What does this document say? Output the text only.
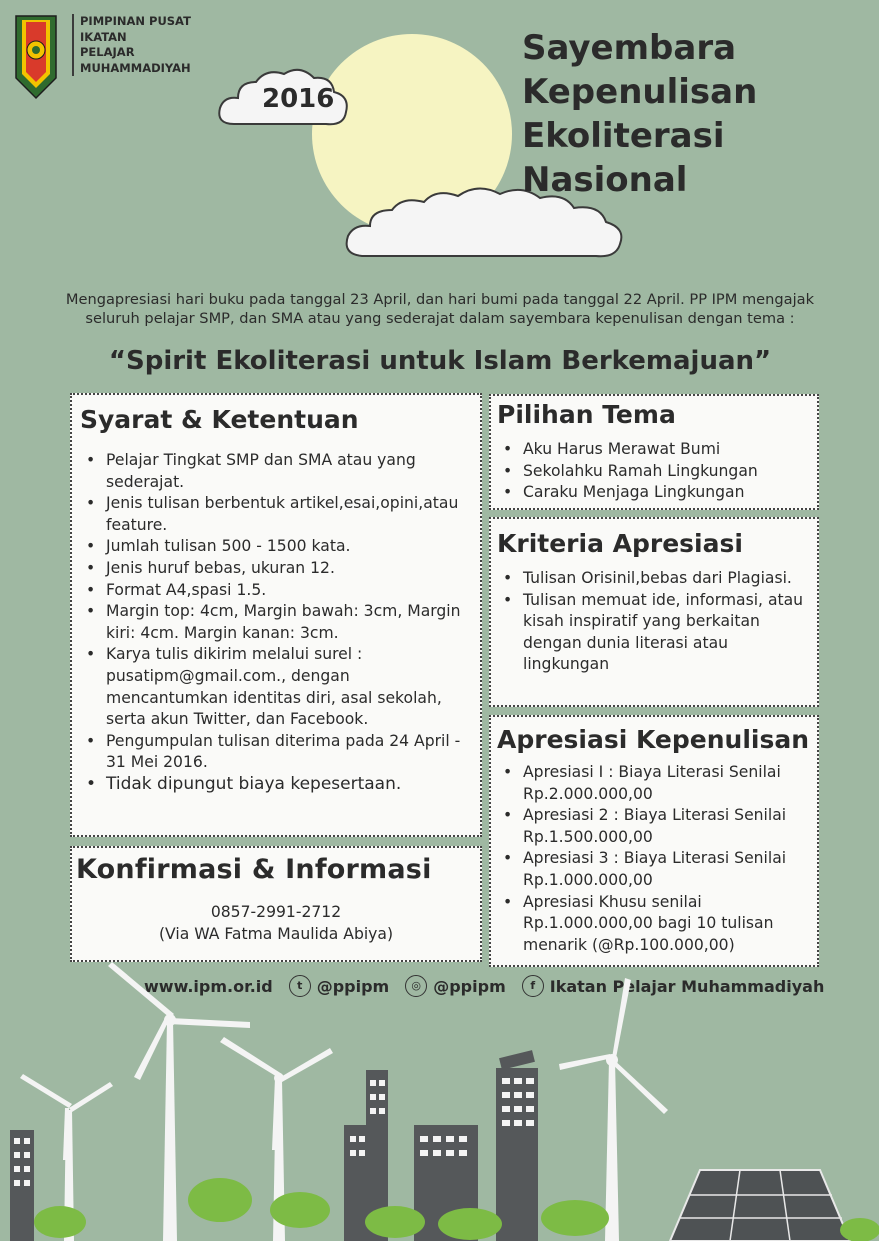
PIMPINAN PUSAT
IKATAN
PELAJAR
MUHAMMADIYAH
2016
Sayembara
Kepenulisan
Ekoliterasi
Nasional
Mengapresiasi hari buku pada tanggal 23 April, dan hari bumi pada tanggal 22 April. PP IPM mengajak seluruh pelajar SMP, dan SMA atau yang sederajat dalam sayembara kepenulisan dengan tema :
“Spirit Ekoliterasi untuk Islam Berkemajuan”
Syarat & Ketentuan
• Pelajar Tingkat SMP dan SMA atau yang sederajat.
• Jenis tulisan berbentuk artikel,esai,opini,atau feature.
• Jumlah tulisan 500 - 1500 kata.
• Jenis huruf bebas, ukuran 12.
• Format A4,spasi 1.5.
• Margin top: 4cm, Margin bawah: 3cm, Margin kiri: 4cm. Margin kanan: 3cm.
• Karya tulis dikirim melalui surel : pusatipm@gmail.com., dengan mencantumkan identitas diri, asal sekolah, serta akun Twitter, dan Facebook.
• Pengumpulan tulisan diterima pada 24 April - 31 Mei 2016.
• Tidak dipungut biaya kepesertaan.
Konfirmasi & Informasi
0857-2991-2712
(Via WA Fatma Maulida Abiya)
Pilihan Tema
• Aku Harus Merawat Bumi
• Sekolahku Ramah Lingkungan
• Caraku Menjaga Lingkungan
Kriteria Apresiasi
• Tulisan Orisinil,bebas dari Plagiasi.
• Tulisan memuat ide, informasi, atau kisah inspiratif yang berkaitan dengan dunia literasi atau lingkungan
Apresiasi Kepenulisan
• Apresiasi I : Biaya Literasi Senilai Rp.2.000.000,00
• Apresiasi 2 : Biaya Literasi Senilai Rp.1.500.000,00
• Apresiasi 3 : Biaya Literasi Senilai Rp.1.000.000,00
• Apresiasi Khusu senilai Rp.1.000.000,00 bagi 10 tulisan menarik (@Rp.100.000,00)
www.ipm.or.id	t @ppipm	◎ @ppipm	f Ikatan Pelajar Muhammadiyah
